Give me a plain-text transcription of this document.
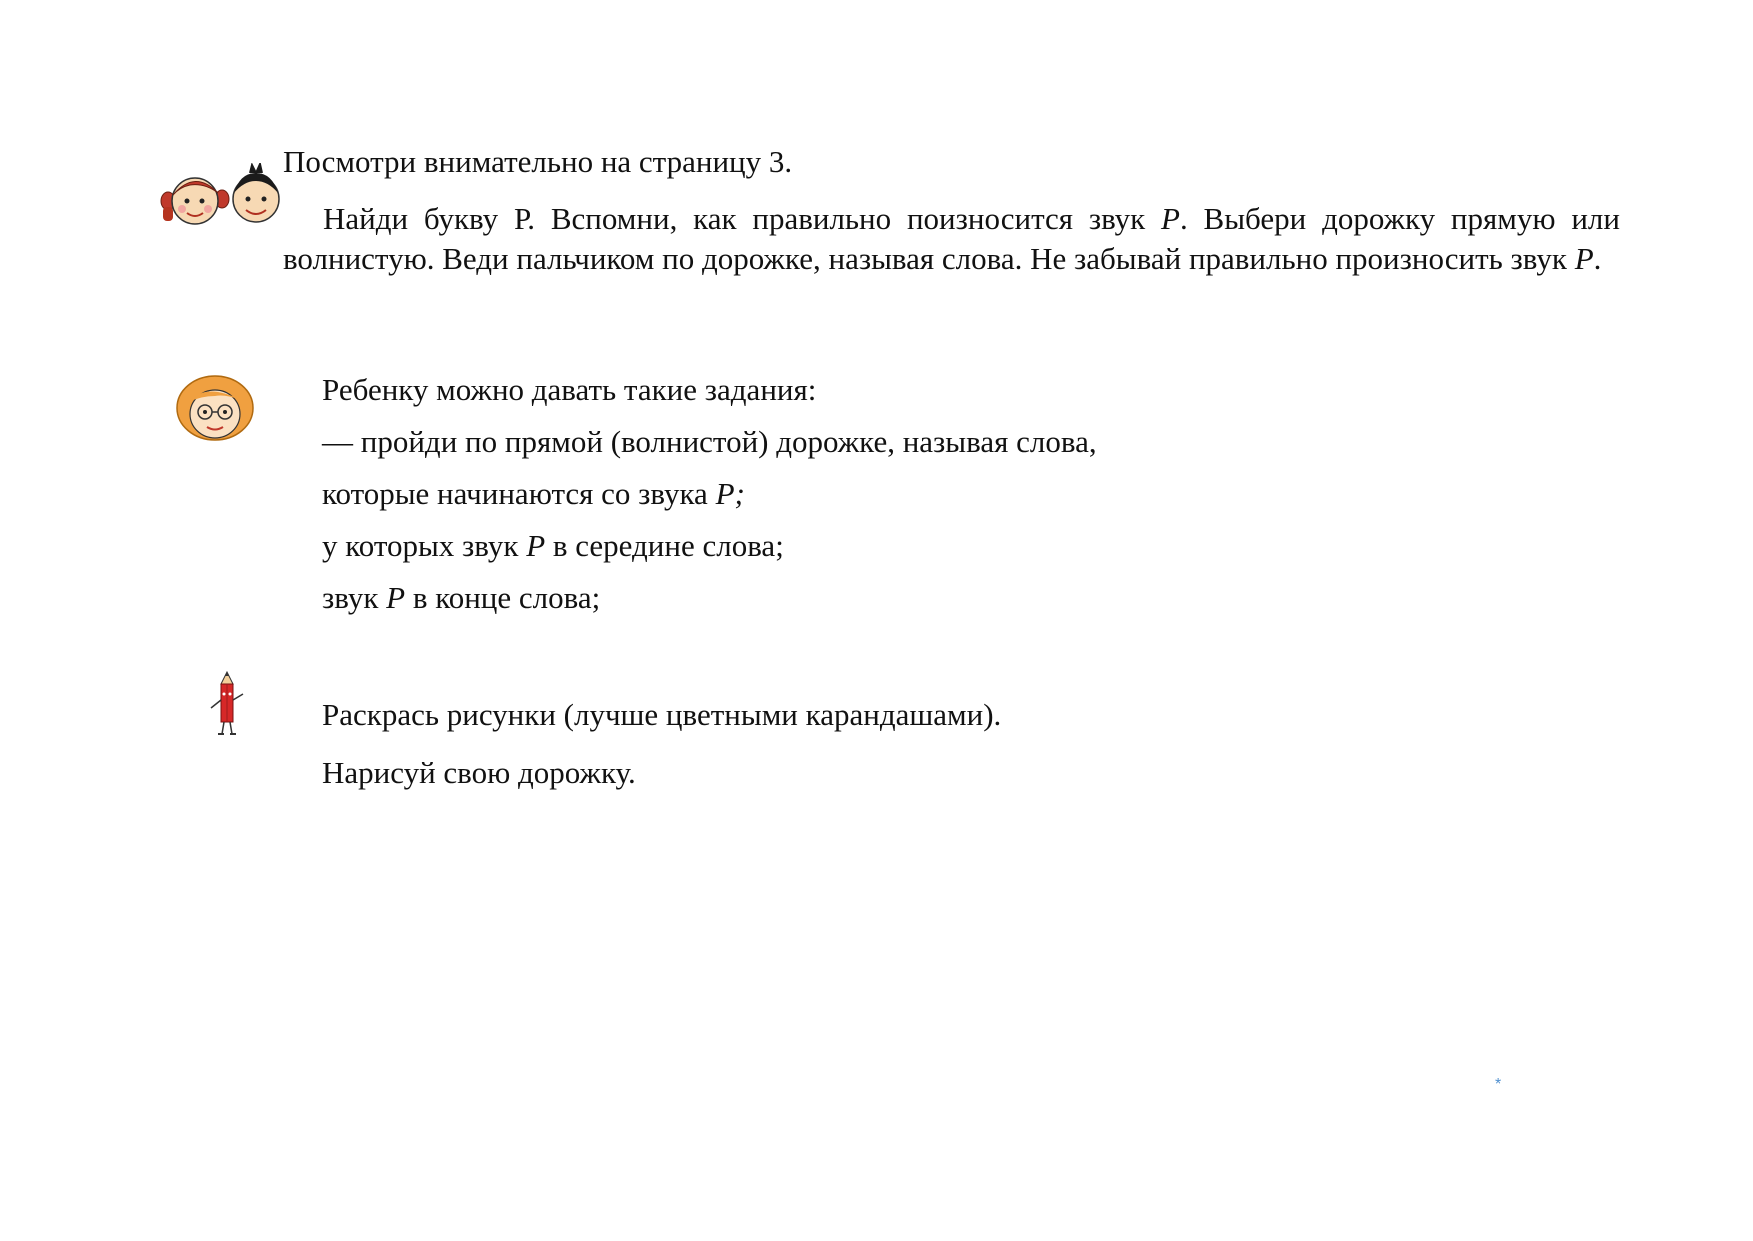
Посмотри внимательно на страницу 3.
Найди букву Р. Вспомни, как правильно поизносится звук Р. Выбери дорожку прямую или волнистую. Веди пальчиком по дорожке, называя слова. Не забывай правильно произносить звук Р.
Ребенку можно давать такие задания:
— пройди по прямой (волнистой) дорожке, называя слова,
которые начинаются со звука Р;
у которых звук Р в середине слова;
звук Р в конце слова;
Раскрась рисунки (лучше цветными карандашами).
Нарисуй свою дорожку.
*
